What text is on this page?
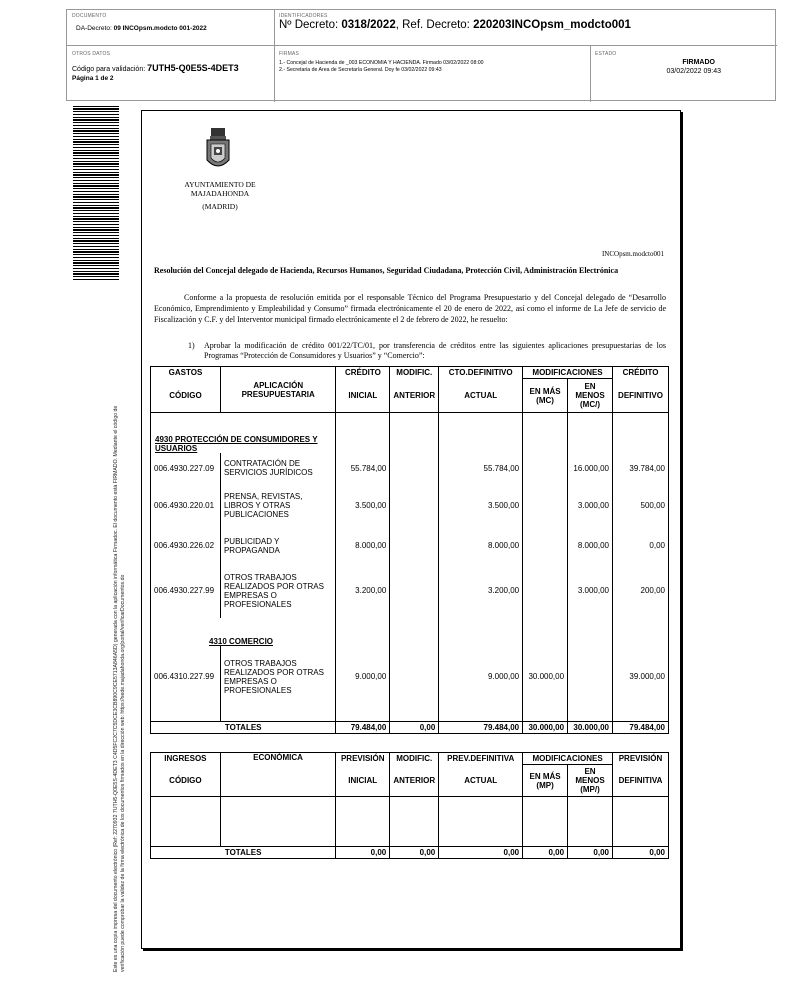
DOCUMENTO
DA-Decreto: 09 INCOpsm.modcto 001-2022
IDENTIFICADORES
Nº Decreto: 0318/2022, Ref. Decreto: 220203INCOpsm_modcto001
OTROS DATOS
Código para validación: 7UTH5-Q0E5S-4DET3
Página 1 de 2
FIRMAS
1.- Concejal de Hacienda de _003 ECONOMIA Y HACIENDA. Firmado 03/02/2022 08:00
2.- Secretaria de Area de Secretaría General. Doy fe 03/02/2022 09:43
ESTADO
FIRMADO
03/02/2022 09:43
Este es una copia impresa del documento electrónico (Ref: 2270932 7UTH5-Q0E5S-4DET3 C4D5FC2C7C5DCE3CB890C9CE5713A846A5D) generada con la aplicación informática Firmadoc. El documento está FIRMADO. Mediante el código de verificación puede comprobar la validez de la firma electrónica de los documentos firmados en la dirección web: https://sede.majadahonda.org/portal/verificarDocumentos.do
AYUNTAMIENTO DE
MAJADAHONDA
(MADRID)
INCOpsm.modcto001
Resolución del Concejal delegado de Hacienda, Recursos Humanos, Seguridad Ciudadana, Protección Civil, Administración Electrónica
Conforme a la propuesta de resolución emitida por el responsable Técnico del Programa Presupuestario y del Concejal delegado de “Desarrollo Económico, Emprendimiento y Empleabilidad y Consumo” firmada electrónicamente el 20 de enero de 2022, así como el informe de La Jefe de servicio de Fiscalización y C.F. y del Interventor municipal firmado electrónicamente el 2 de febrero de 2022, he resuelto:
1) Aprobar la modificación de crédito 001/22/TC/01, por transferencia de créditos entre las siguientes aplicaciones presupuestarias de los Programas “Protección de Consumidores y Usuarios” y “Comercio”:
GASTOS	APLICACIÓN PRESUPUESTARIA	CRÉDITO	MODIFIC.	CTO.DEFINITIVO	MODIFICACIONES		CRÉDITO
CÓDIGO		INICIAL	ANTERIOR	ACTUAL	EN MÁS (MC)	EN MENOS (MC/)	DEFINITIVO
4930 PROTECCIÓN DE CONSUMIDORES Y USUARIOS							
006.4930.227.09	CONTRATACIÓN DE SERVICIOS JURÍDICOS	55.784,00		55.784,00		16.000,00	39.784,00
006.4930.220.01	PRENSA, REVISTAS, LIBROS Y OTRAS PUBLICACIONES	3.500,00		3.500,00		3.000,00	500,00
006.4930.226.02	PUBLICIDAD Y PROPAGANDA	8.000,00		8.000,00		8.000,00	0,00
006.4930.227.99	OTROS TRABAJOS REALIZADOS POR OTRAS EMPRESAS O PROFESIONALES	3.200,00		3.200,00		3.000,00	200,00
4310 COMERCIO							
006.4310.227.99	OTROS TRABAJOS REALIZADOS POR OTRAS EMPRESAS O PROFESIONALES	9.000,00		9.000,00	30.000,00		39.000,00

TOTALES		79.484,00	0,00	79.484,00	30.000,00	30.000,00	79.484,00
INGRESOS	ECONÓMICA	PREVISIÓN	MODIFIC.	PREV.DEFINITIVA	MODIFICACIONES		PREVISIÓN
CÓDIGO		INICIAL	ANTERIOR	ACTUAL	EN MÁS (MP)	EN MENOS (MP/)	DEFINITIVA

TOTALES		0,00	0,00	0,00	0,00	0,00	0,00
